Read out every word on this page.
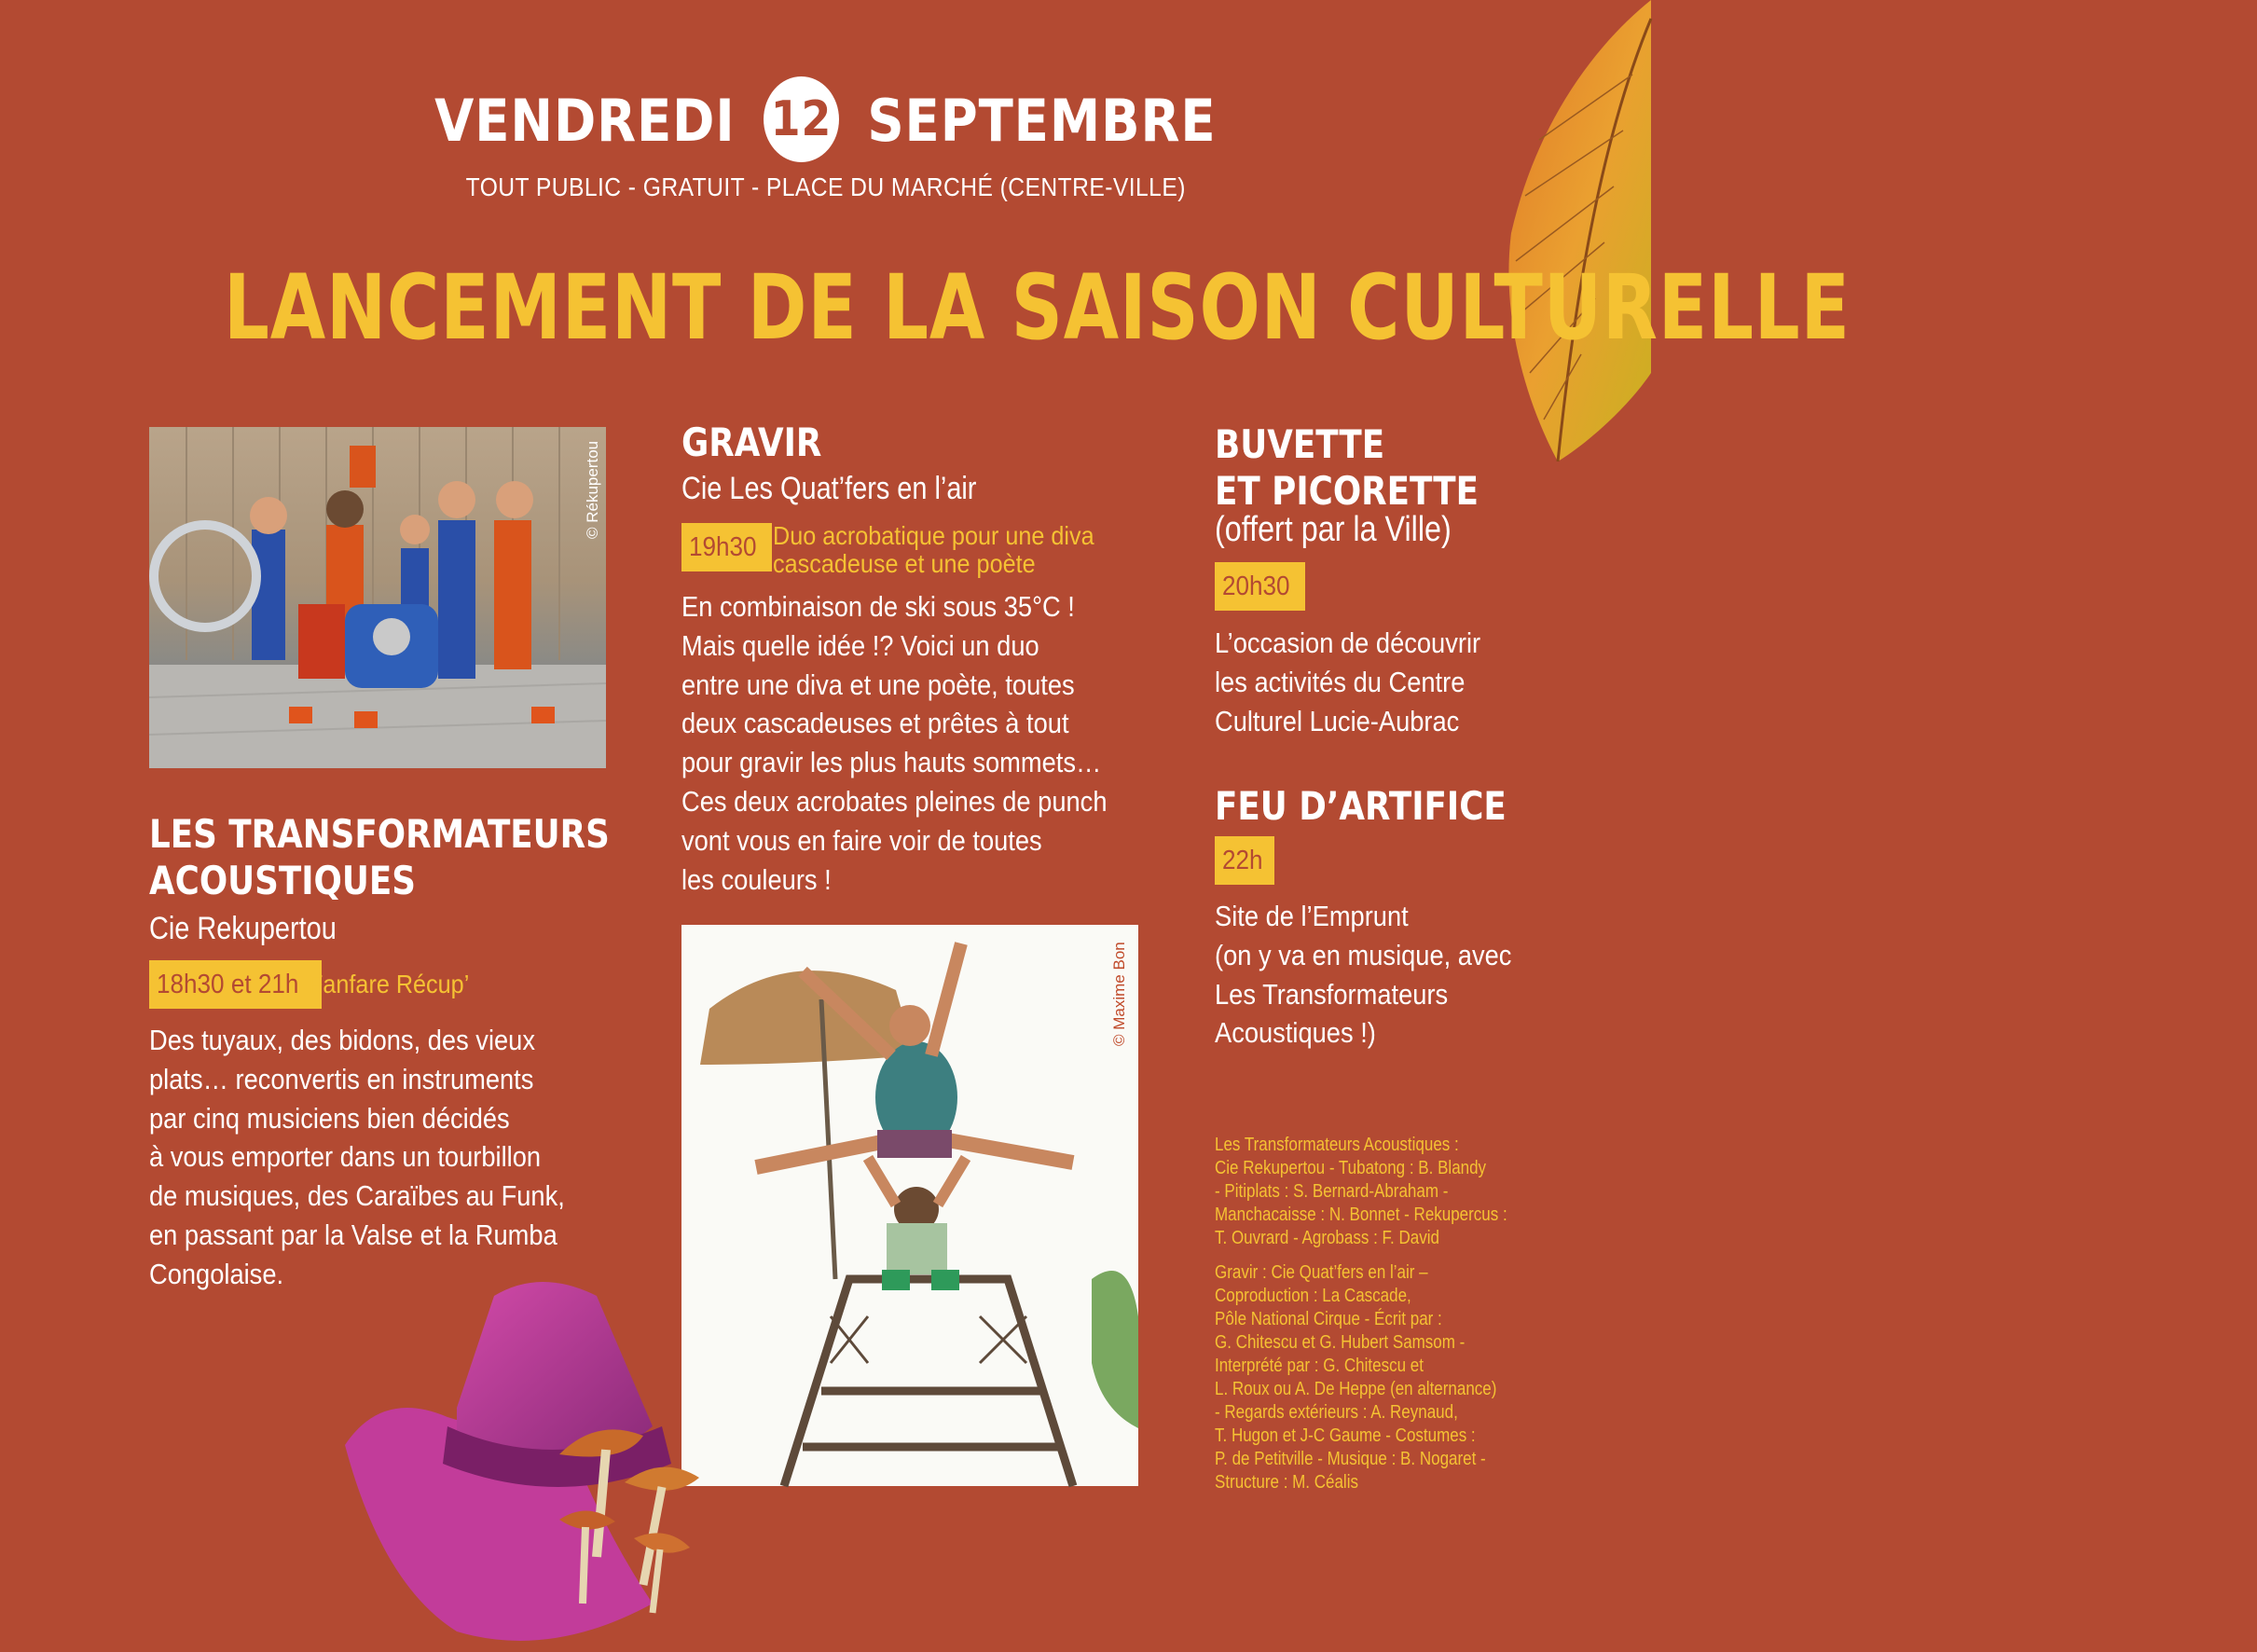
VENDREDI 12 SEPTEMBRE
TOUT PUBLIC - GRATUIT - PLACE DU MARCHÉ (CENTRE-VILLE)
LANCEMENT DE LA SAISON CULTURELLE
© Rékupertou
LES TRANSFORMATEURS
ACOUSTIQUES
Cie Rekupertou
18h30 et 21h Fanfare Récup’
Des tuyaux, des bidons, des vieux
plats… reconvertis en instruments
par cinq musiciens bien décidés
à vous emporter dans un tourbillon
de musiques, des Caraïbes au Funk,
en passant par la Valse et la Rumba
Congolaise.
GRAVIR
Cie Les Quat’fers en l’air
19h30 Duo acrobatique pour une diva
cascadeuse et une poète
En combinaison de ski sous 35°C !
Mais quelle idée !? Voici un duo
entre une diva et une poète, toutes
deux cascadeuses et prêtes à tout
pour gravir les plus hauts sommets…
Ces deux acrobates pleines de punch
vont vous en faire voir de toutes
les couleurs !
© Maxime Bon
BUVETTE
ET PICORETTE
(offert par la Ville)
20h30
L’occasion de découvrir
les activités du Centre
Culturel Lucie-Aubrac
FEU D’ARTIFICE
22h
Site de l’Emprunt
(on y va en musique, avec
Les Transformateurs
Acoustiques !)
Les Transformateurs Acoustiques :
Cie Rekupertou - Tubatong : B. Blandy
- Pitiplats : S. Bernard-Abraham -
Manchacaisse : N. Bonnet - Rekupercus :
T. Ouvrard - Agrobass : F. David
Gravir : Cie Quat’fers en l’air –
Coproduction : La Cascade,
Pôle National Cirque - Écrit par :
G. Chitescu et G. Hubert Samsom -
Interprété par : G. Chitescu et
L. Roux ou A. De Heppe (en alternance)
- Regards extérieurs : A. Reynaud,
T. Hugon et J-C Gaume - Costumes :
P. de Petitville - Musique : B. Nogaret -
Structure : M. Céalis
